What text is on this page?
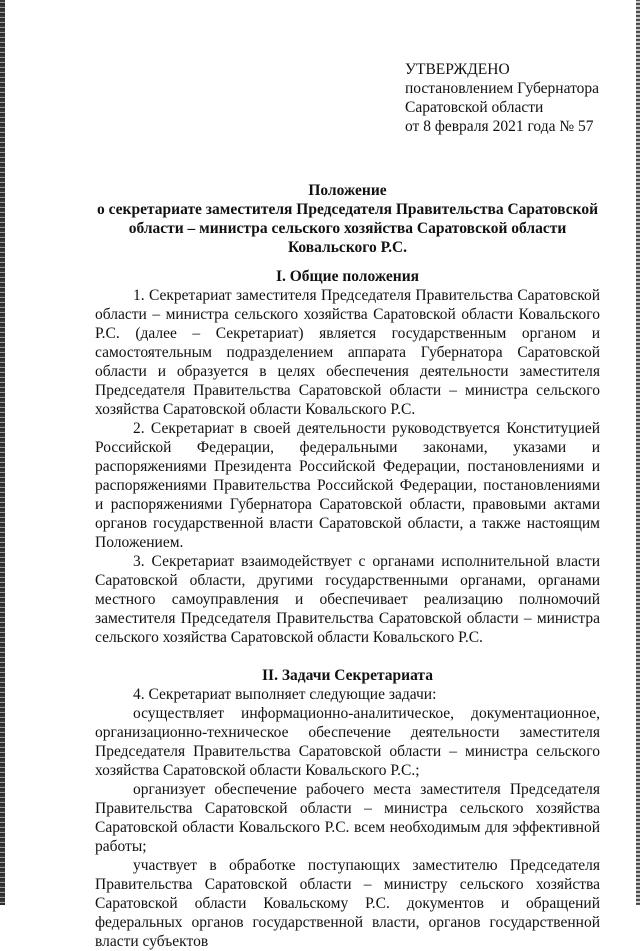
УТВЕРЖДЕНО
постановлением Губернатора
Саратовской области
от 8 февраля 2021 года № 57
Положение
о секретариате заместителя Председателя Правительства Саратовской области – министра сельского хозяйства Саратовской области Ковальского Р.С.

I. Общие положения

1. Секретариат заместителя Председателя Правительства Саратовской области – министра сельского хозяйства Саратовской области Ковальского Р.С. (далее – Секретариат) является государственным органом и самостоятельным подразделением аппарата Губернатора Саратовской области и образуется в целях обеспечения деятельности заместителя Председателя Правительства Саратовской области – министра сельского хозяйства Саратовской области Ковальского Р.С.

2. Секретариат в своей деятельности руководствуется Конституцией Российской Федерации, федеральными законами, указами и распоряжениями Президента Российской Федерации, постановлениями и распоряжениями Правительства Российской Федерации, постановлениями и распоряжениями Губернатора Саратовской области, правовыми актами органов государственной власти Саратовской области, а также настоящим Положением.

3. Секретариат взаимодействует с органами исполнительной власти Саратовской области, другими государственными органами, органами местного самоуправления и обеспечивает реализацию полномочий заместителя Председателя Правительства Саратовской области – министра сельского хозяйства Саратовской области Ковальского Р.С.

II. Задачи Секретариата

4. Секретариат выполняет следующие задачи:

осуществляет информационно-аналитическое, документационное, организационно-техническое обеспечение деятельности заместителя Председателя Правительства Саратовской области – министра сельского хозяйства Саратовской области Ковальского Р.С.;

организует обеспечение рабочего места заместителя Председателя Правительства Саратовской области – министра сельского хозяйства Саратовской области Ковальского Р.С. всем необходимым для эффективной работы;

участвует в обработке поступающих заместителю Председателя Правительства Саратовской области – министру сельского хозяйства Саратовской области Ковальскому Р.С. документов и обращений федеральных органов государственной власти, органов государственной власти субъектов
